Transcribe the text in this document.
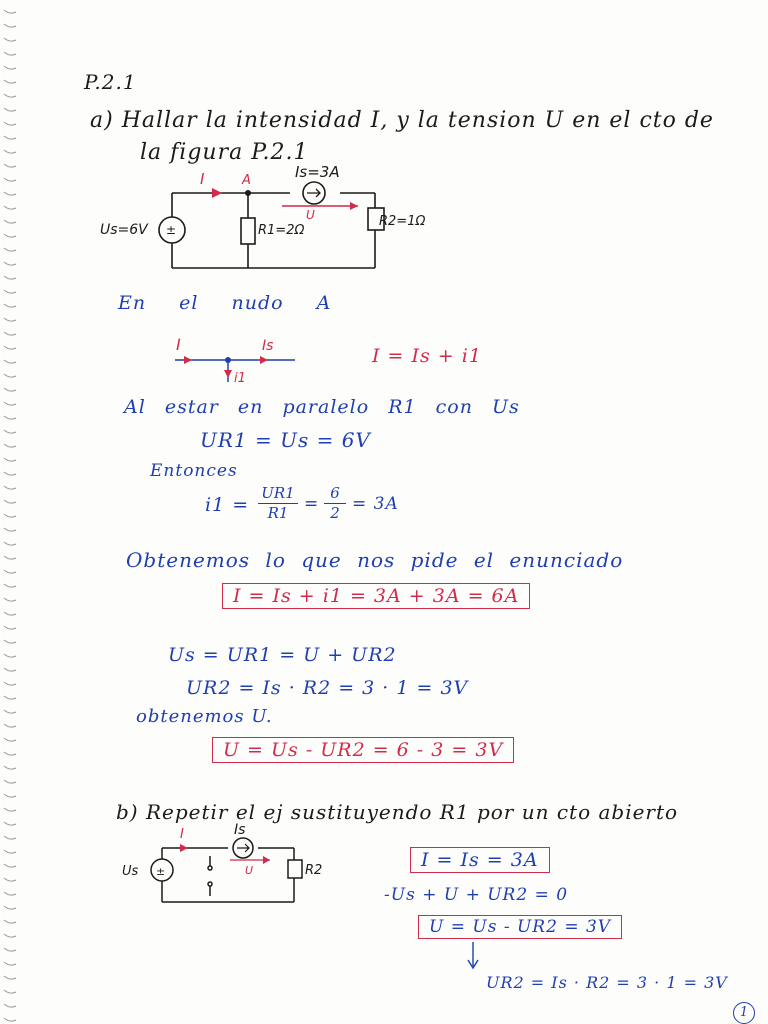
P.2.1
a) Hallar la intensidad I, y la tension U en el cto de
la figura P.2.1
±
Us=6V
I	A	Is=3A
U
R1=2Ω
R2=1Ω
En el nudo A
I	Is
i1
I = Is + i1
Al estar en paralelo R1 con Us
UR1 = Us = 6V
Entonces
$i1 = \frac{UR1}{R1} = \frac{6}{2} = 3A$
Obtenemos lo que nos pide el enunciado
I = Is + i1 = 3A + 3A = 6A
Us = UR1 = U + UR2
UR2 = Is · R2 = 3 · 1 = 3V
obtenemos U.
U = Us - UR2 = 6 - 3 = 3V
b) Repetir el ej sustituyendo R1 por un cto abierto
±
Us
I	Is
U	R2	I = Is = 3A
-Us + U + UR2 = 0
U = Us - UR2 = 3V
UR2 = Is · R2 = 3 · 1 = 3V
1
